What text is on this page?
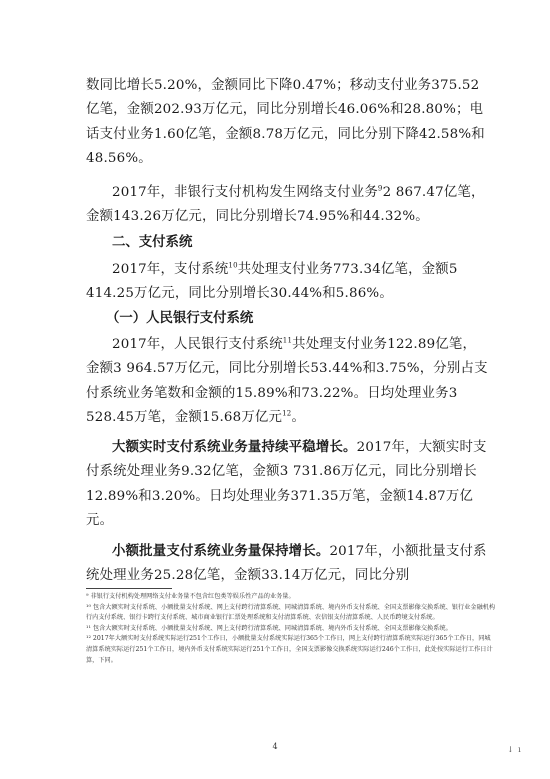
数同比增长5.20%，金额同比下降0.47%；移动支付业务375.52亿笔，金额202.93万亿元，同比分别增长46.06%和28.80%；电话支付业务1.60亿笔，金额8.78万亿元，同比分别下降42.58%和48.56%。
2017年，非银行支付机构发生网络支付业务$^9$2 867.47亿笔，金额143.26万亿元，同比分别增长74.95%和44.32%。
二、支付系统
2017年，支付系统$^{10}$共处理支付业务773.34亿笔，金额5 414.25万亿元，同比分别增长30.44%和5.86%。
（一）人民银行支付系统
2017年，人民银行支付系统$^{11}$共处理支付业务122.89亿笔，金额3 964.57万亿元，同比分别增长53.44%和3.75%，分别占支付系统业务笔数和金额的15.89%和73.22%。日均处理业务3 528.45万笔，金额15.68万亿元$^{12}$。
大额实时支付系统业务量持续平稳增长。2017年，大额实时支付系统处理业务9.32亿笔，金额3 731.86万亿元，同比分别增长12.89%和3.20%。日均处理业务371.35万笔，金额14.87万亿元。
小额批量支付系统业务量保持增长。2017年，小额批量支付系统处理业务25.28亿笔，金额33.14万亿元，同比分别

⁹ 非银行支付机构处理网络支付业务量不包含红包类等娱乐性产品的业务量。

¹⁰ 包含大额实时支付系统、小额批量支付系统、网上支付跨行清算系统、同城清算系统、境内外币支付系统、全国支票影像交换系统、银行业金融机构行内支付系统、银行卡跨行支付系统、城市商业银行汇票处理系统和支付清算系统、农信银支付清算系统、人民币跨境支付系统。

¹¹ 包含大额实时支付系统、小额批量支付系统、网上支付跨行清算系统、同城清算系统、境内外币支付系统、全国支票影像交换系统。

¹² 2017年大额实时支付系统实际运行251个工作日，小额批量支付系统实际运行365个工作日，网上支付跨行清算系统实际运行365个工作日，同城清算系统实际运行251个工作日，境内外币支付系统实际运行251个工作日，全国支票影像交换系统实际运行246个工作日，此处按实际运行工作日计算，下同。

4	↓ ı
